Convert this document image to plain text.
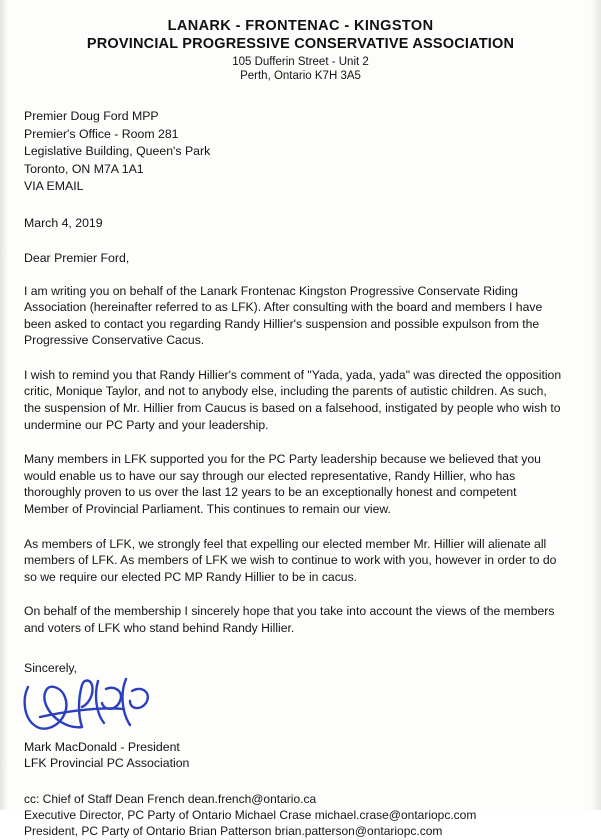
LANARK - FRONTENAC - KINGSTON
PROVINCIAL PROGRESSIVE CONSERVATIVE ASSOCIATION
105 Dufferin Street - Unit 2
Perth, Ontario K7H 3A5
Premier Doug Ford MPP
Premier's Office - Room 281
Legislative Building, Queen's Park
Toronto, ON M7A 1A1
VIA EMAIL
March 4, 2019
Dear Premier Ford,
I am writing you on behalf of the Lanark Frontenac Kingston Progressive Conservate Riding Association (hereinafter referred to as LFK). After consulting with the board and members I have been asked to contact you regarding Randy Hillier's suspension and possible expulson from the Progressive Conservative Cacus.
I wish to remind you that Randy Hillier's comment of "Yada, yada, yada" was directed the opposition critic, Monique Taylor, and not to anybody else, including the parents of autistic children. As such, the suspension of Mr. Hillier from Caucus is based on a falsehood, instigated by people who wish to undermine our PC Party and your leadership.
Many members in LFK supported you for the PC Party leadership because we believed that you would enable us to have our say through our elected representative, Randy Hillier, who has thoroughly proven to us over the last 12 years to be an exceptionally honest and competent Member of Provincial Parliament. This continues to remain our view.
As members of LFK, we strongly feel that expelling our elected member Mr. Hillier will alienate all members of LFK. As members of LFK we wish to continue to work with you, however in order to do so we require our elected PC MP Randy Hillier to be in cacus.
On behalf of the membership I sincerely hope that you take into account the views of the members and voters of LFK who stand behind Randy Hillier.
Sincerely,
Mark MacDonald - President
LFK Provincial PC Association
cc: Chief of Staff Dean French dean.french@ontario.ca
Executive Director, PC Party of Ontario Michael Crase michael.crase@ontariopc.com
President, PC Party of Ontario Brian Patterson brian.patterson@ontariopc.com
